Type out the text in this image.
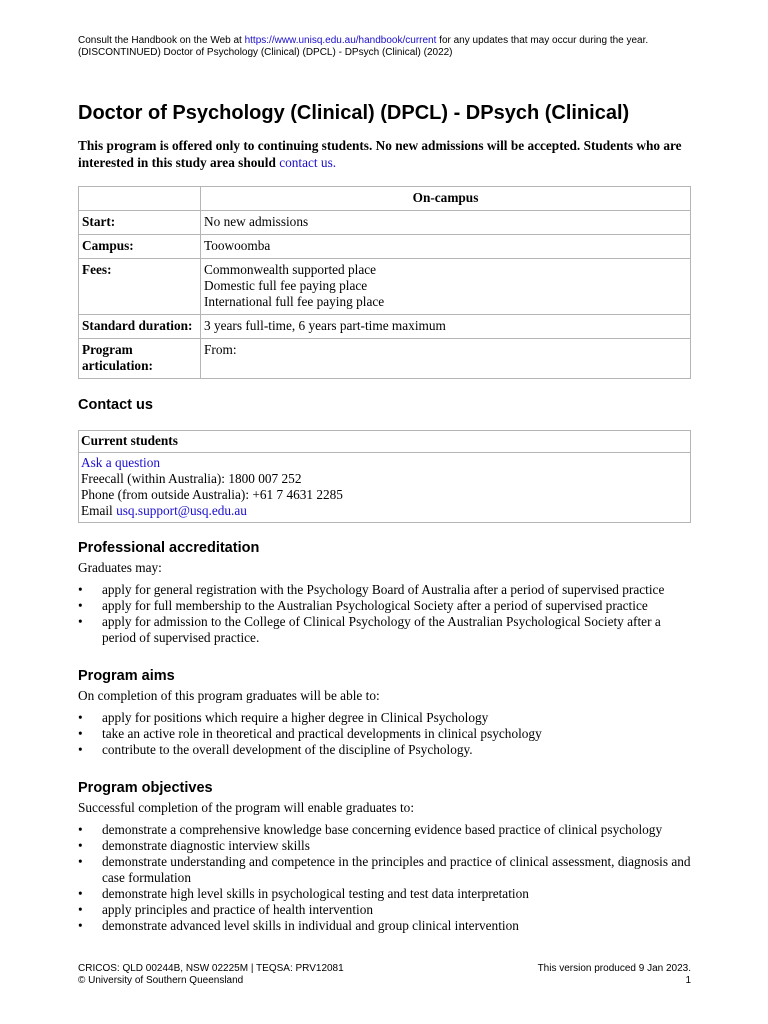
Consult the Handbook on the Web at https://www.unisq.edu.au/handbook/current for any updates that may occur during the year.
(DISCONTINUED) Doctor of Psychology (Clinical) (DPCL) - DPsych (Clinical) (2022)
Doctor of Psychology (Clinical) (DPCL) - DPsych (Clinical)

This program is offered only to continuing students. No new admissions will be accepted. Students who are interested in this study area should contact us.

	On-campus
Start:	No new admissions
Campus:	Toowoomba
Fees:	Commonwealth supported place
Domestic full fee paying place
International full fee paying place

Standard duration:	3 years full-time, 6 years part-time maximum
Program articulation:	From:
Contact us
Current students

Ask a question
Freecall (within Australia): 1800 007 252
Phone (from outside Australia): +61 7 4631 2285
Email usq.support@usq.edu.au
Professional accreditation

Graduates may:

•	apply for general registration with the Psychology Board of Australia after a period of supervised practice
•	apply for full membership to the Australian Psychological Society after a period of supervised practice
•	apply for admission to the College of Clinical Psychology of the Australian Psychological Society after a period of supervised practice.
Program aims

On completion of this program graduates will be able to:

•	apply for positions which require a higher degree in Clinical Psychology
•	take an active role in theoretical and practical developments in clinical psychology
•	contribute to the overall development of the discipline of Psychology.
Program objectives

Successful completion of the program will enable graduates to:

•	demonstrate a comprehensive knowledge base concerning evidence based practice of clinical psychology
•	demonstrate diagnostic interview skills
•	demonstrate understanding and competence in the principles and practice of clinical assessment, diagnosis and case formulation
•	demonstrate high level skills in psychological testing and test data interpretation
•	apply principles and practice of health intervention
•	demonstrate advanced level skills in individual and group clinical intervention
CRICOS: QLD 00244B, NSW 02225M | TEQSA: PRV12081
© University of Southern Queensland
This version produced 9 Jan 2023.
1
